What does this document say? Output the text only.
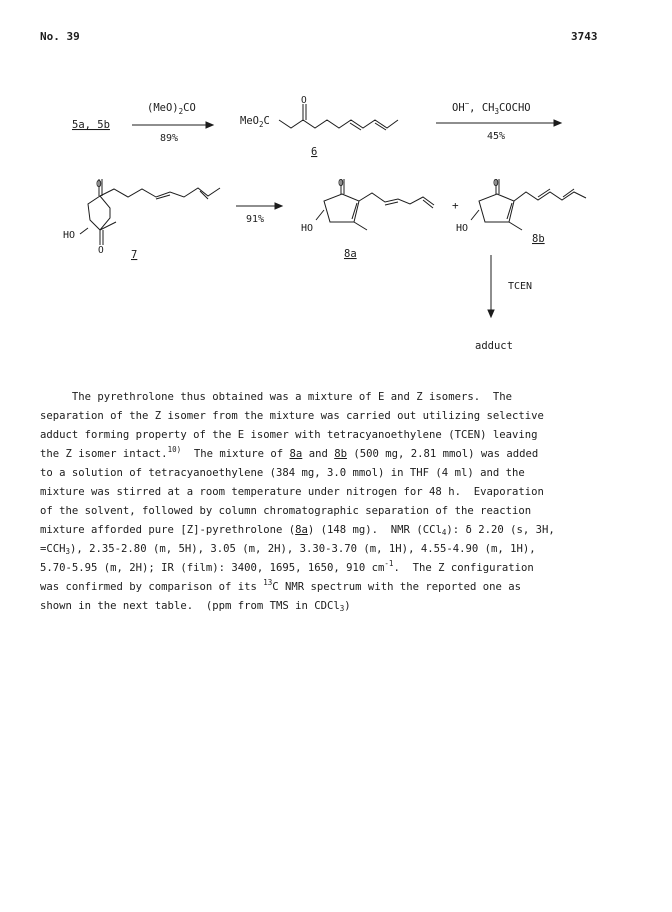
No. 39	3743
5a, 5b
$(MeO)_2CO$
89%
MeO$_2$C
O
6
OH−, $CH_3COCHO$
45%
O
HO
O	7
91%
O
HO
8a
+
O
HO
8b
TCEN
adduct
The pyrethrolone thus obtained was a mixture of E and Z isomers.  The
separation of the Z isomer from the mixture was carried out utilizing selective
adduct forming property of the E isomer with tetracyanoethylene (TCEN) leaving
the Z isomer intact.$^{10)}$  The mixture of 8a and 8b (500 mg, 2.81 mmol) was added
to a solution of tetracyanoethylene (384 mg, 3.0 mmol) in THF (4 ml) and the
mixture was stirred at a room temperature under nitrogen for 48 h.  Evaporation
of the solvent, followed by column chromatographic separation of the reaction
mixture afforded pure [Z]-pyrethrolone (8a) (148 mg).  NMR (CCl$_4$): δ 2.20 (s, 3H,
$=CCH_3$), 2.35-2.80 (m, 5H), 3.05 (m, 2H), 3.30-3.70 (m, 1H), 4.55-4.90 (m, 1H),
5.70-5.95 (m, 2H); IR (film): 3400, 1695, 1650, 910 $cm^{-1}$.  The Z configuration
was confirmed by comparison of its $^{13}$C NMR spectrum with the reported one as
shown in the next table.  (ppm from TMS in CDCl$_3$)
